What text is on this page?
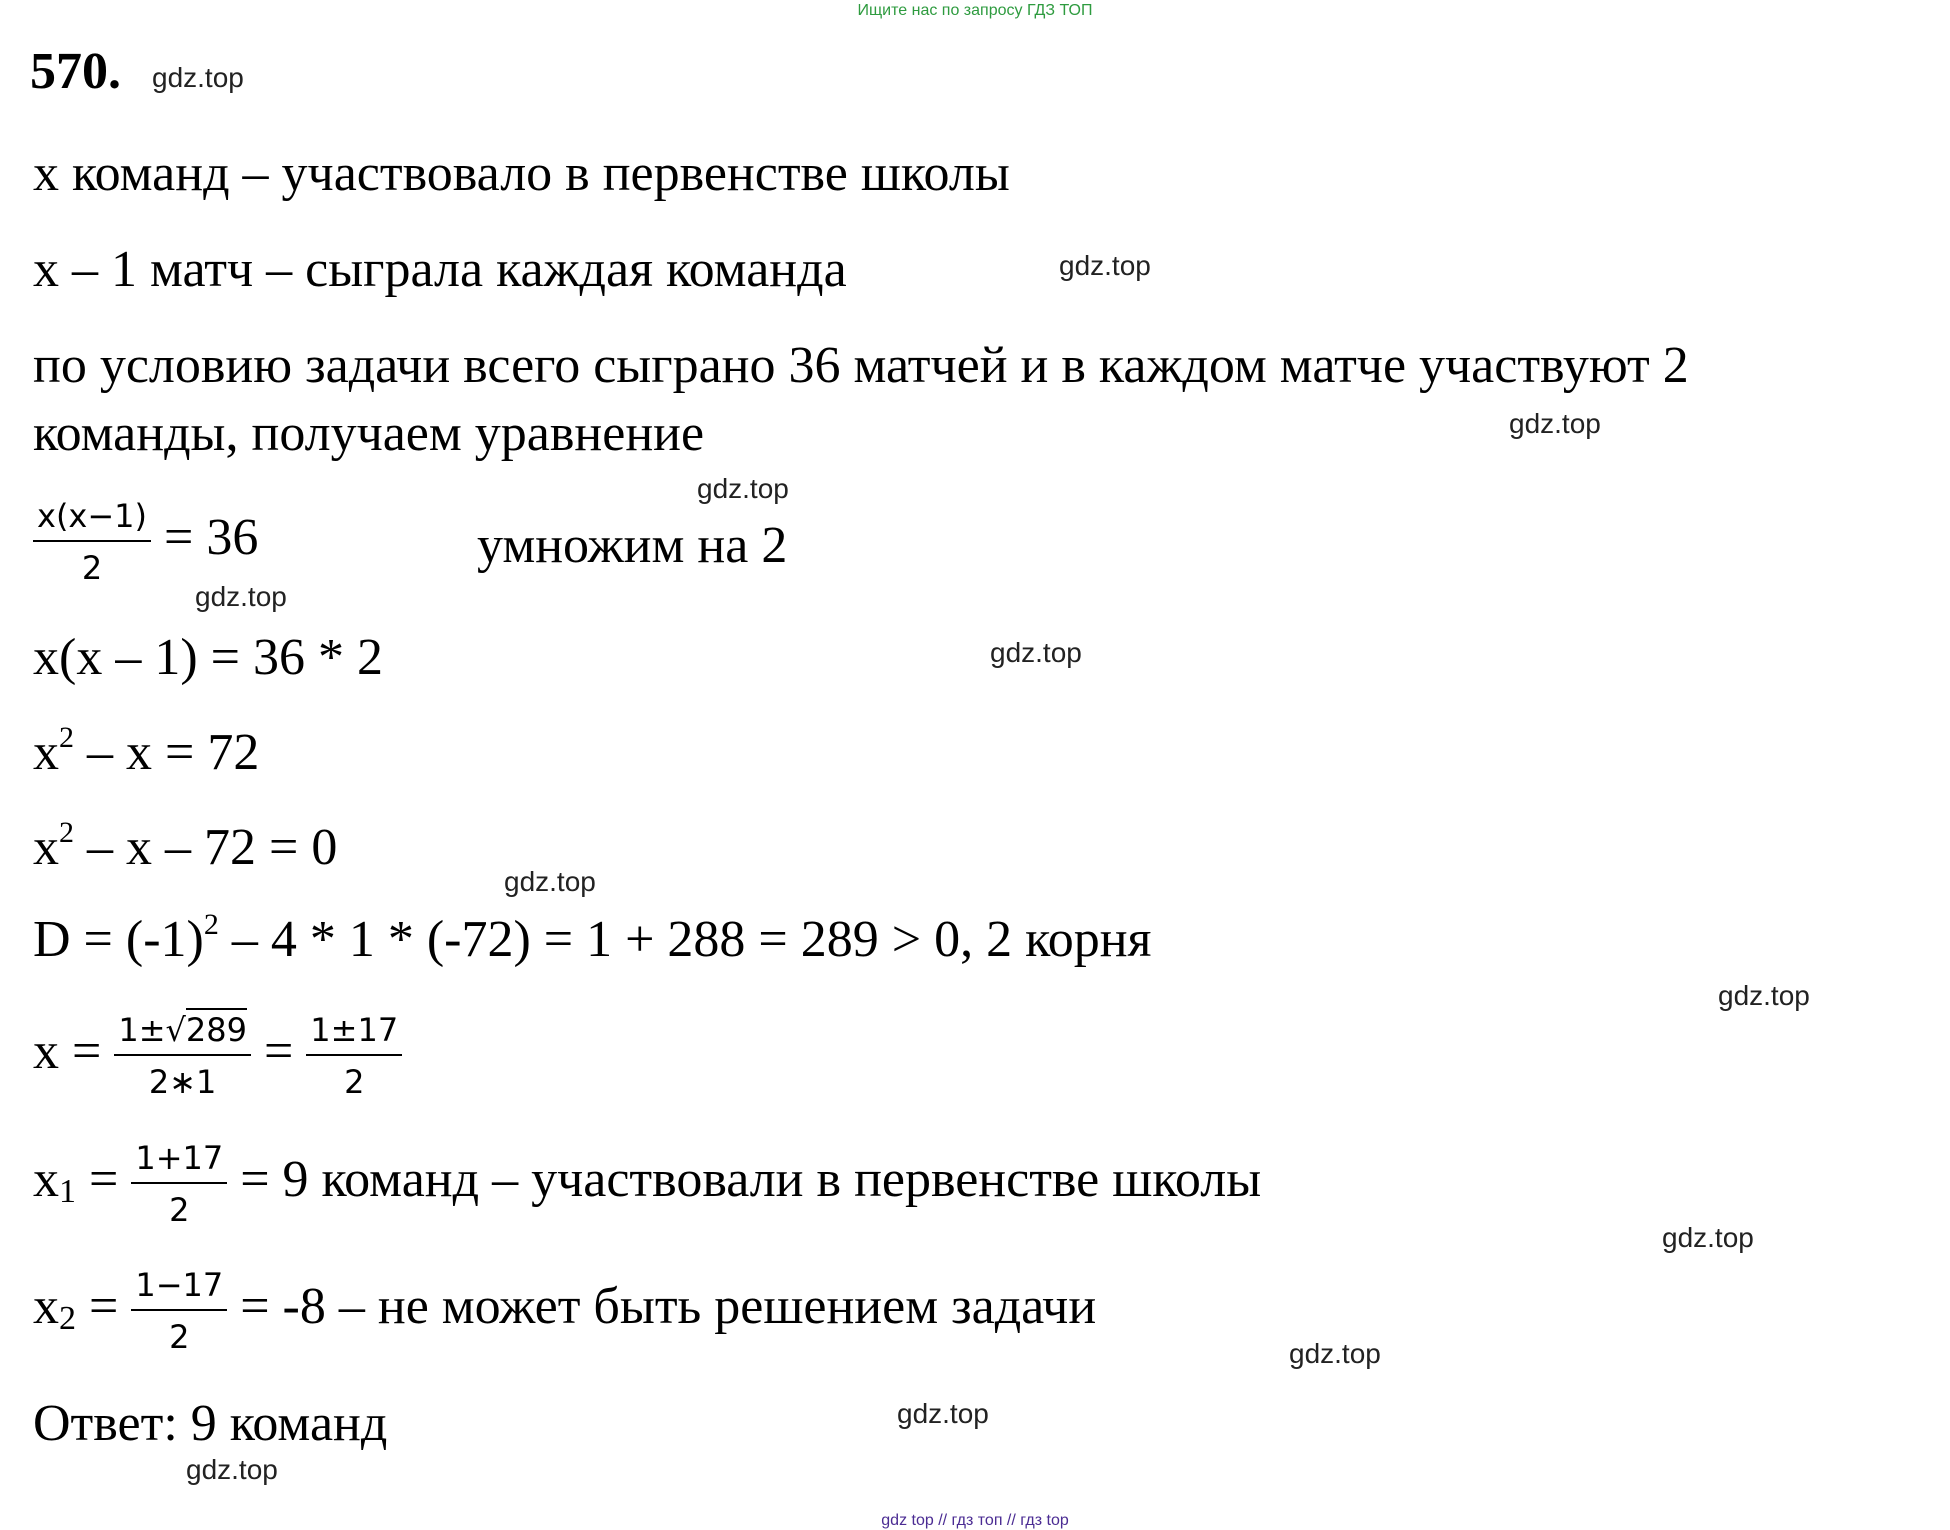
Ищите нас по запросу ГДЗ ТОП
570. gdz.top
х команд – участвовало в первенстве школы
х – 1 матч – сыграла каждая команда	gdz.top
по условию задачи всего сыграно 36 матчей и в каждом матче участвуют 2
команды, получаем уравнение	gdz.top
gdz.top
$\frac{x(x-1)}{2} = 36$	умножим на 2
gdz.top
х(х – 1) = 36 * 2	gdz.top
$х^2 - х = 72$
$х^2 - х - 72 = 0$
gdz.top
$D = (-1)^2 - 4 * 1 * (-72) = 1 + 288 = 289 > 0$, 2 корня
gdz.top
$х = \frac{1\pm√289}{2∗1} = \frac{1\pm 17}{2}$
$х_1 = \frac{1+17}{2} = 9$ команд – участвовали в первенстве школы
gdz.top
$х_2 = \frac{1-17}{2} = -8$ – не может быть решением задачи
gdz.top
gdz.top
Ответ: 9 команд
gdz.top
gdz top // гдз топ // гдз top
